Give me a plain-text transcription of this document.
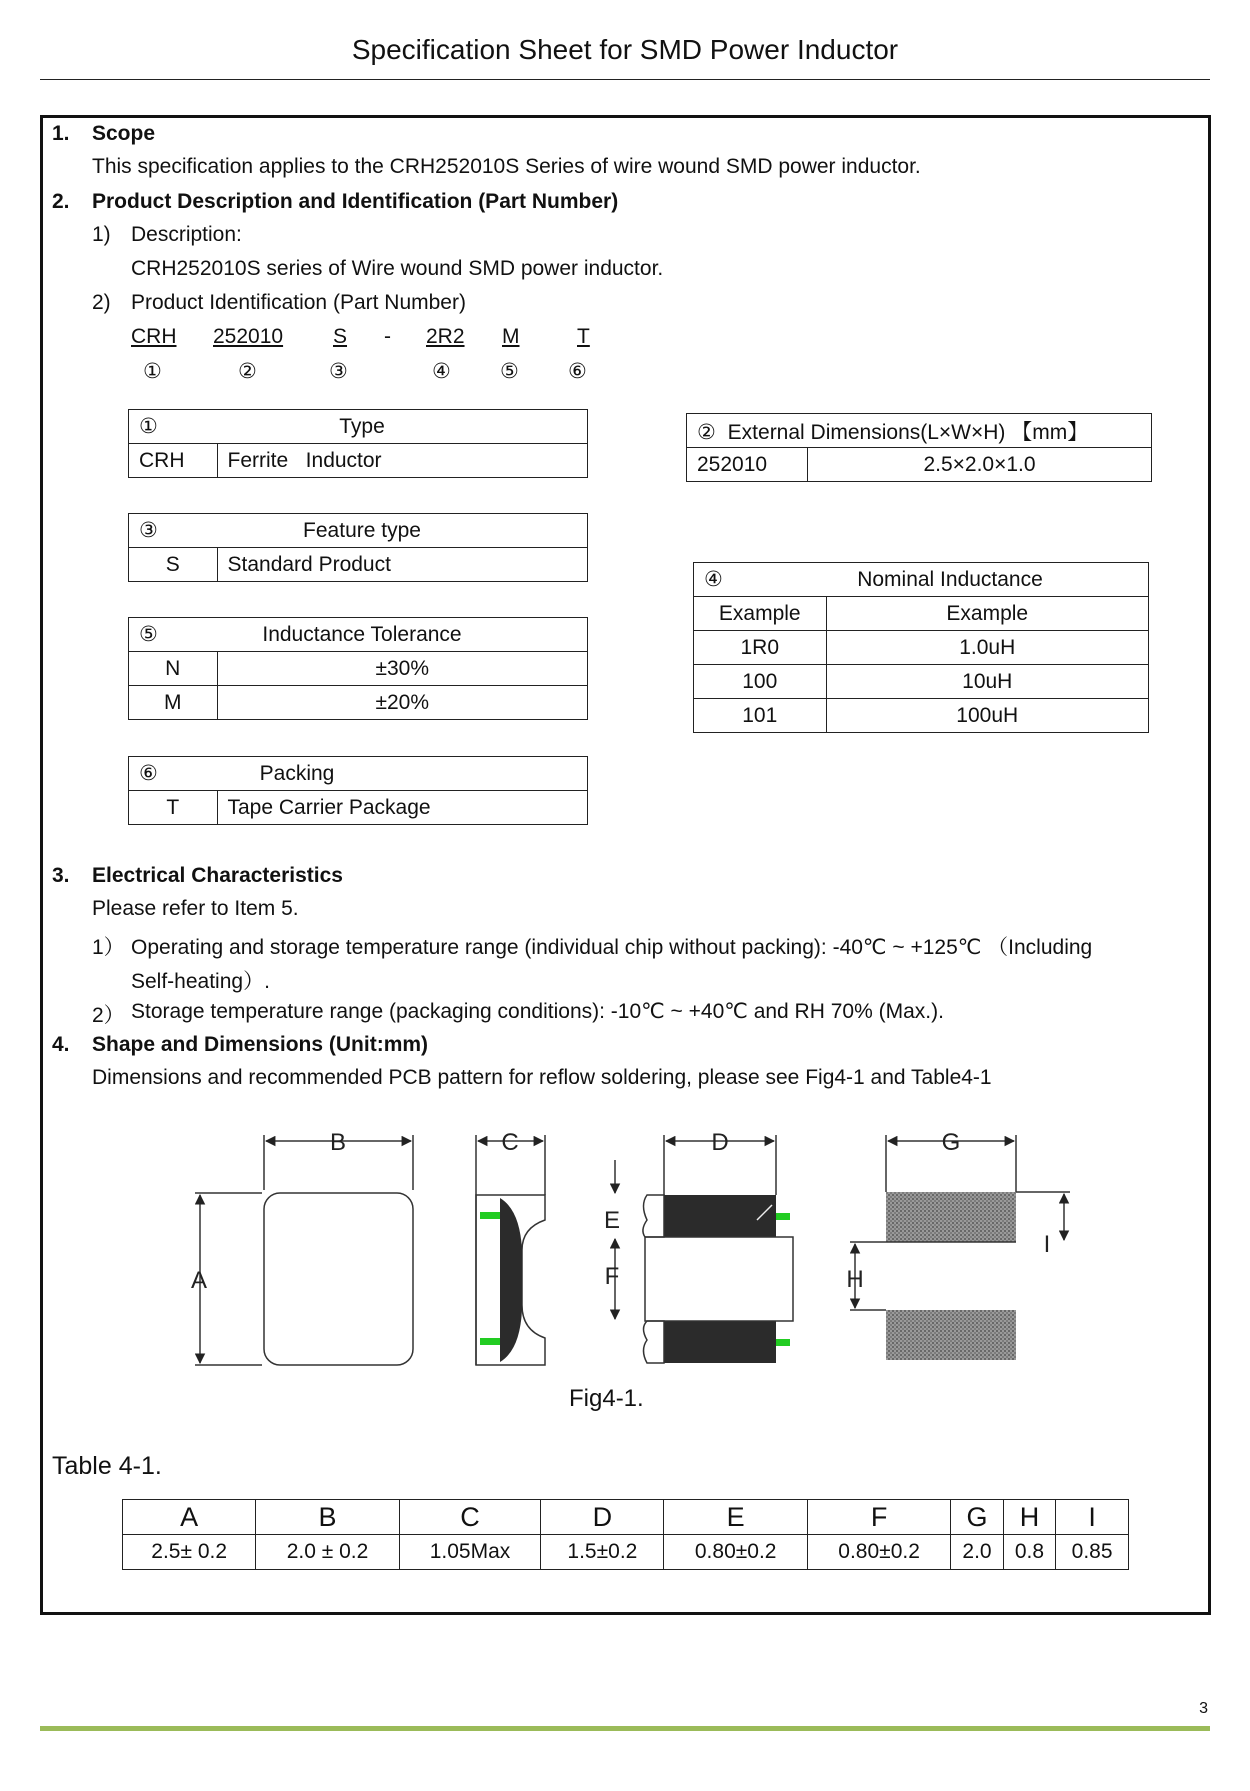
Specification Sheet for SMD Power Inductor
1. Scope
This specification applies to the CRH252010S Series of wire wound SMD power inductor.
2. Product Description and Identification (Part Number)
1) Description:
CRH252010S series of Wire wound SMD power inductor.
2) Product Identification (Part Number)
CRH 252010 S - 2R2 M	T
①	②	③	④ ⑤ ⑥
①	Type
CRH	Ferrite   Inductor
② External Dimensions(L×W×H) 【mm】
252010	2.5×2.0×1.0
③	Feature type
S	Standard Product
④	Nominal Inductance
Example	Example
1R0	1.0uH
100	10uH
101	100uH
⑤	Inductance Tolerance
N	±30%
M	±20%
⑥	Packing
T	Tape Carrier Package
3. Electrical Characteristics
Please refer to Item 5.
1） Operating and storage temperature range (individual chip without packing): -40℃ ~ +125℃ （Including
Self-heating）.
2） Storage temperature range (packaging conditions): -10℃ ~ +40℃ and RH 70% (Max.).
4. Shape and Dimensions (Unit:mm)
Dimensions and recommended PCB pattern for reflow soldering, please see Fig4-1 and Table4-1
B
A
C
E
F
D	G
H
I
Fig4-1.
Table 4-1.
A	B	C	D	E	F	G	H	I
2.5± 0.2	2.0 ± 0.2	1.05Max	1.5±0.2	0.80±0.2	0.80±0.2	2.0	0.8	0.85
3
